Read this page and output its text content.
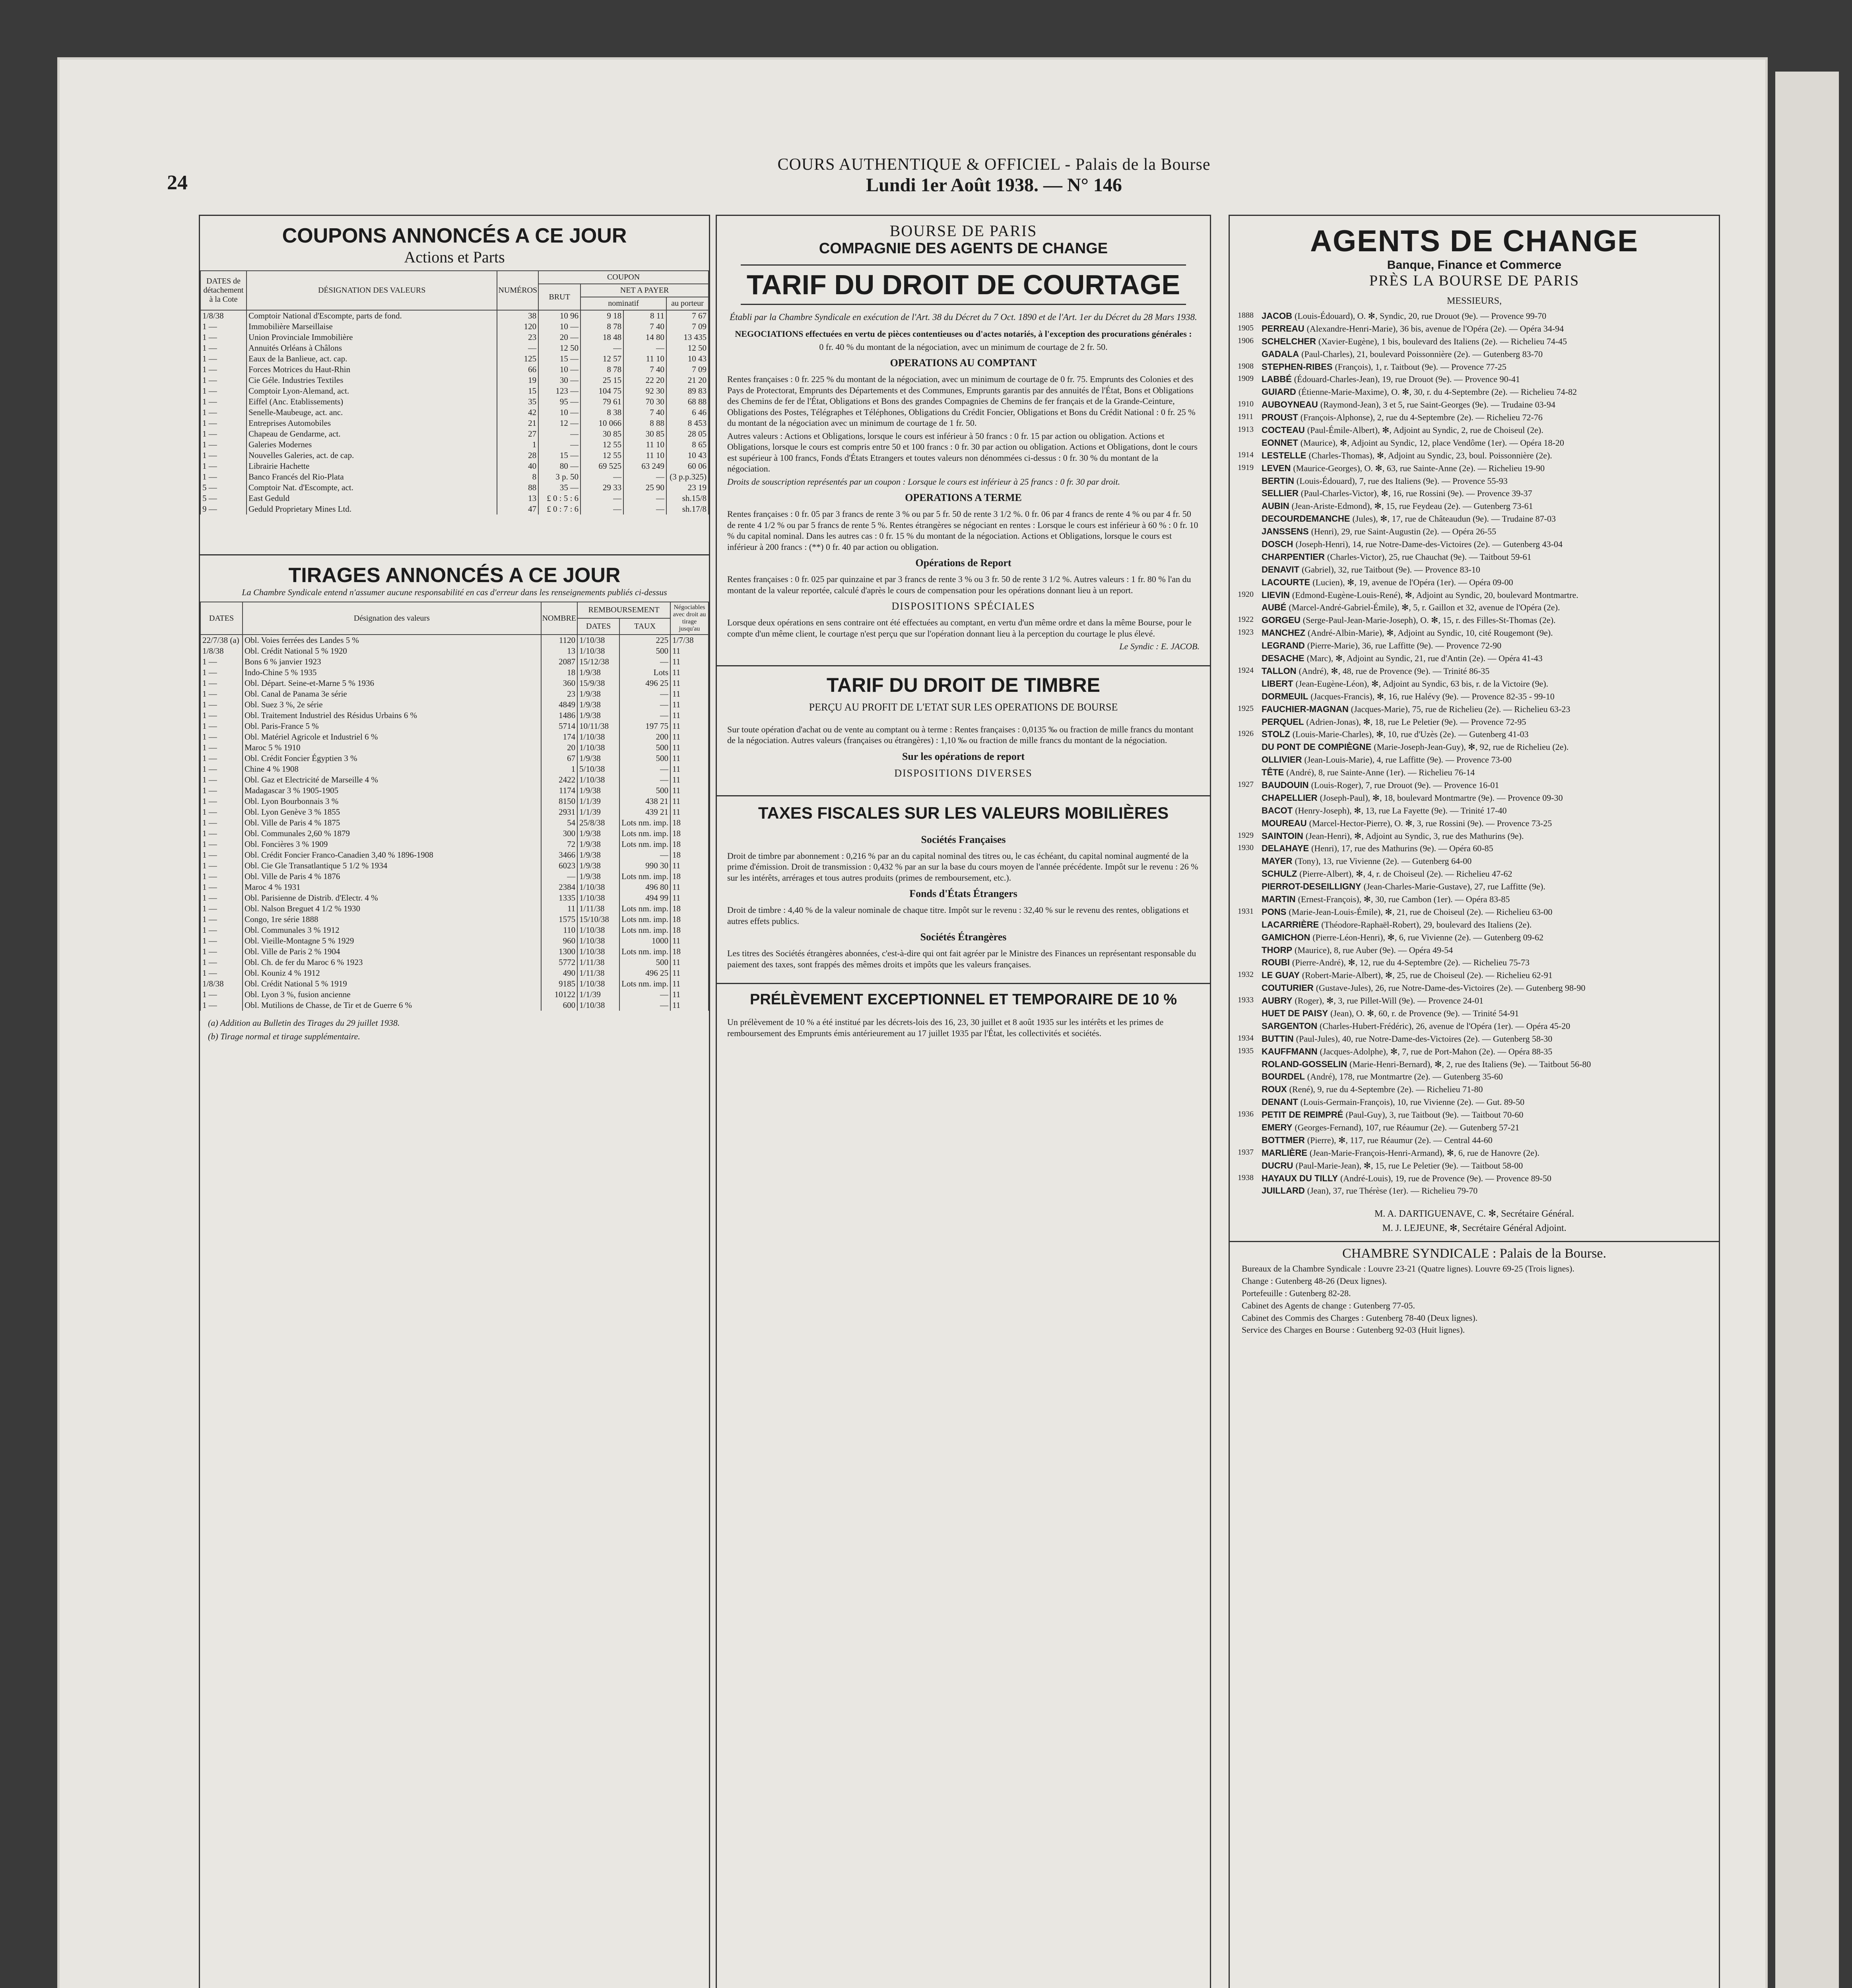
24
COURS AUTHENTIQUE & OFFICIEL - Palais de la Bourse
Lundi 1er Août 1938. — N° 146
COUPONS ANNONCÉS A CE JOUR
Actions et Parts
DATES de détachement à la Cote	DÉSIGNATION DES VALEURS	NUMÉROS	COUPON			
			BRUT	NET A PAYER		
				nominatif		au porteur
1/8/38	Comptoir National d'Escompte, parts de fond.	38	10 96	9 18	8 11	7 67
1 —	Immobilière Marseillaise	120	10 —	8 78	7 40	7 09
1 —	Union Provinciale Immobilière	23	20 —	18 48	14 80	13 435
1 —	Annuités Orléans à Châlons	—	12 50	—	—	12 50
1 —	Eaux de la Banlieue, act. cap.	125	15 —	12 57	11 10	10 43
1 —	Forces Motrices du Haut-Rhin	66	10 —	8 78	7 40	7 09
1 —	Cie Géle. Industries Textiles	19	30 —	25 15	22 20	21 20
1 —	Comptoir Lyon-Alemand, act.	15	123 —	104 75	92 30	89 83
1 —	Eiffel (Anc. Etablissements)	35	95 —	79 61	70 30	68 88
1 —	Senelle-Maubeuge, act. anc.	42	10 —	8 38	7 40	6 46
1 —	Entreprises Automobiles	21	12 —	10 066	8 88	8 453
1 —	Chapeau de Gendarme, act.	27	—	30 85	30 85	28 05
1 —	Galeries Modernes	1	—	12 55	11 10	8 65
1 —	Nouvelles Galeries, act. de cap.	28	15 —	12 55	11 10	10 43
1 —	Librairie Hachette	40	80 —	69 525	63 249	60 06
1 —	Banco Francés del Rio-Plata	8	3 p. 50	—	—	(3 p.p.325)
5 —	Comptoir Nat. d'Escompte, act.	88	35 —	29 33	25 90	23 19
5 —	East Geduld	13	£ 0 : 5 : 6	—	—	sh.15/8
9 —	Geduld Proprietary Mines Ltd.	47	£ 0 : 7 : 6	—	—	sh.17/8
TIRAGES ANNONCÉS A CE JOUR
La Chambre Syndicale entend n'assumer aucune responsabilité en cas d'erreur dans les renseignements publiés ci-dessus
DATES	Désignation des valeurs	NOMBRE	REMBOURSEMENT		Négociables avec droit au tirage jusqu'au
			DATES	TAUX	
22/7/38 (a)	Obl. Voies ferrées des Landes 5 %	1120	1/10/38	225	1/7/38
1/8/38	Obl. Crédit National 5 % 1920	13	1/10/38	500	11
1 —	Bons 6 % janvier 1923	2087	15/12/38	—	11
1 —	Indo-Chine 5 % 1935	18	1/9/38	Lots	11
1 —	Obl. Départ. Seine-et-Marne 5 % 1936	360	15/9/38	496 25	11
1 —	Obl. Canal de Panama 3e série	23	1/9/38	—	11
1 —	Obl. Suez 3 %, 2e série	4849	1/9/38	—	11
1 —	Obl. Traitement Industriel des Résidus Urbains 6 %	1486	1/9/38	—	11
1 —	Obl. Paris-France 5 %	5714	10/11/38	197 75	11
1 —	Obl. Matériel Agricole et Industriel 6 %	174	1/10/38	200	11
1 —	Maroc 5 % 1910	20	1/10/38	500	11
1 —	Obl. Crédit Foncier Égyptien 3 %	67	1/9/38	500	11
1 —	Chine 4 % 1908	1	5/10/38	—	11
1 —	Obl. Gaz et Electricité de Marseille 4 %	2422	1/10/38	—	11
1 —	Madagascar 3 % 1905-1905	1174	1/9/38	500	11
1 —	Obl. Lyon Bourbonnais 3 %	8150	1/1/39	438 21	11
1 —	Obl. Lyon Genève 3 % 1855	2931	1/1/39	439 21	11
1 —	Obl. Ville de Paris 4 % 1875	54	25/8/38	Lots nm. imp.	18
1 —	Obl. Communales 2,60 % 1879	300	1/9/38	Lots nm. imp.	18
1 —	Obl. Foncières 3 % 1909	72	1/9/38	Lots nm. imp.	18
1 —	Obl. Crédit Foncier Franco-Canadien 3,40 % 1896-1908	3466	1/9/38	—	18
1 —	Obl. Cie Gle Transatlantique 5 1/2 % 1934	6023	1/9/38	990 30	11
1 —	Obl. Ville de Paris 4 % 1876	—	1/9/38	Lots nm. imp.	18
1 —	Maroc 4 % 1931	2384	1/10/38	496 80	11
1 —	Obl. Parisienne de Distrib. d'Electr. 4 %	1335	1/10/38	494 99	11
1 —	Obl. Nalson Breguet 4 1/2 % 1930	11	1/11/38	Lots nm. imp.	18
1 —	Congo, 1re série 1888	1575	15/10/38	Lots nm. imp.	18
1 —	Obl. Communales 3 % 1912	110	1/10/38	Lots nm. imp.	18
1 —	Obl. Vieille-Montagne 5 % 1929	960	1/10/38	1000	11
1 —	Obl. Ville de Paris 2 % 1904	1300	1/10/38	Lots nm. imp.	18
1 —	Obl. Ch. de fer du Maroc 6 % 1923	5772	1/11/38	500	11
1 —	Obl. Kouniz 4 % 1912	490	1/11/38	496 25	11
1/8/38	Obl. Crédit National 5 % 1919	9185	1/10/38	Lots nm. imp.	11
1 —	Obl. Lyon 3 %, fusion ancienne	10122	1/1/39	—	11
1 —	Obl. Mutilions de Chasse, de Tir et de Guerre 6 %	600	1/10/38	—	11
(a) Addition au Bulletin des Tirages du 29 juillet 1938.
(b) Tirage normal et tirage supplémentaire.
BOURSE DE PARIS
COMPAGNIE DES AGENTS DE CHANGE
TARIF DU DROIT DE COURTAGE
Établi par la Chambre Syndicale en exécution de l'Art. 38 du Décret du 7 Oct. 1890 et de l'Art. 1er du Décret du 28 Mars 1938.

NEGOCIATIONS effectuées en vertu de pièces contentieuses ou d'actes notariés, à l'exception des procurations générales :

0 fr. 40 % du montant de la négociation, avec un minimum de courtage de 2 fr. 50.

OPERATIONS AU COMPTANT

Rentes françaises : 0 fr. 225 % du montant de la négociation, avec un minimum de courtage de 0 fr. 75. Emprunts des Colonies et des Pays de Protectorat, Emprunts des Départements et des Communes, Emprunts garantis par des annuités de l'État, Bons et Obligations des Chemins de fer de l'État, Obligations et Bons des grandes Compagnies de Chemins de fer français et de la Grande-Ceinture, Obligations des Postes, Télégraphes et Téléphones, Obligations du Crédit Foncier, Obligations et Bons du Crédit National : 0 fr. 25 % du montant de la négociation avec un minimum de courtage de 1 fr. 50.

Autres valeurs : Actions et Obligations, lorsque le cours est inférieur à 50 francs : 0 fr. 15 par action ou obligation. Actions et Obligations, lorsque le cours est compris entre 50 et 100 francs : 0 fr. 30 par action ou obligation. Actions et Obligations, dont le cours est supérieur à 100 francs, Fonds d'États Etrangers et toutes valeurs non dénommées ci-dessus : 0 fr. 30 % du montant de la négociation.

Droits de souscription représentés par un coupon : Lorsque le cours est inférieur à 25 francs : 0 fr. 30 par droit.

OPERATIONS A TERME

Rentes françaises : 0 fr. 05 par 3 francs de rente 3 % ou par 5 fr. 50 de rente 3 1/2 %. 0 fr. 06 par 4 francs de rente 4 % ou par 4 fr. 50 de rente 4 1/2 % ou par 5 francs de rente 5 %. Rentes étrangères se négociant en rentes : Lorsque le cours est inférieur à 60 % : 0 fr. 10 % du capital nominal. Dans les autres cas : 0 fr. 15 % du montant de la négociation. Actions et Obligations, lorsque le cours est inférieur à 200 francs : (**) 0 fr. 40 par action ou obligation.

Opérations de Report

Rentes françaises : 0 fr. 025 par quinzaine et par 3 francs de rente 3 % ou 3 fr. 50 de rente 3 1/2 %. Autres valeurs : 1 fr. 80 % l'an du montant de la valeur reportée, calculé d'après le cours de compensation pour les opérations donnant lieu à un report.

DISPOSITIONS SPÉCIALES

Lorsque deux opérations en sens contraire ont été effectuées au comptant, en vertu d'un même ordre et dans la même Bourse, pour le compte d'un même client, le courtage n'est perçu que sur l'opération donnant lieu à la perception du courtage le plus élevé.

Le Syndic : E. JACOB.

TARIF DU DROIT DE TIMBRE
PERÇU AU PROFIT DE L'ETAT SUR LES OPERATIONS DE BOURSE

Sur toute opération d'achat ou de vente au comptant ou à terme : Rentes françaises : 0,0135 ‰ ou fraction de mille francs du montant de la négociation. Autres valeurs (françaises ou étrangères) : 1,10 ‰ ou fraction de mille francs du montant de la négociation.

Sur les opérations de report
DISPOSITIONS DIVERSES
TAXES FISCALES SUR LES VALEURS MOBILIÈRES
Sociétés Françaises

Droit de timbre par abonnement : 0,216 % par an du capital nominal des titres ou, le cas échéant, du capital nominal augmenté de la prime d'émission. Droit de transmission : 0,432 % par an sur la base du cours moyen de l'année précédente. Impôt sur le revenu : 26 % sur les intérêts, arrérages et tous autres produits (primes de remboursement, etc.).

Fonds d'États Étrangers

Droit de timbre : 4,40 % de la valeur nominale de chaque titre. Impôt sur le revenu : 32,40 % sur le revenu des rentes, obligations et autres effets publics.

Sociétés Étrangères

Les titres des Sociétés étrangères abonnées, c'est-à-dire qui ont fait agréer par le Ministre des Finances un représentant responsable du paiement des taxes, sont frappés des mêmes droits et impôts que les valeurs françaises.

PRÉLÈVEMENT EXCEPTIONNEL ET TEMPORAIRE DE 10 %

Un prélèvement de 10 % a été institué par les décrets-lois des 16, 23, 30 juillet et 8 août 1935 sur les intérêts et les primes de remboursement des Emprunts émis antérieurement au 17 juillet 1935 par l'État, les collectivités et sociétés.

AGENTS DE CHANGE
Banque, Finance et Commerce
PRÈS LA BOURSE DE PARIS
MESSIEURS,
1888 JACOB (Louis-Édouard), O. ✻, Syndic, 20, rue Drouot (9e). — Provence 99-70
1905 PERREAU (Alexandre-Henri-Marie), 36 bis, avenue de l'Opéra (2e). — Opéra 34-94
1906 SCHELCHER (Xavier-Eugène), 1 bis, boulevard des Italiens (2e). — Richelieu 74-45
GADALA (Paul-Charles), 21, boulevard Poissonnière (2e). — Gutenberg 83-70
1908 STEPHEN-RIBES (François), 1, r. Taitbout (9e). — Provence 77-25
1909 LABBÉ (Édouard-Charles-Jean), 19, rue Drouot (9e). — Provence 90-41
GUIARD (Étienne-Marie-Maxime), O. ✻, 30, r. du 4-Septembre (2e). — Richelieu 74-82
1910 AUBOYNEAU (Raymond-Jean), 3 et 5, rue Saint-Georges (9e). — Trudaine 03-94
1911 PROUST (François-Alphonse), 2, rue du 4-Septembre (2e). — Richelieu 72-76
1913 COCTEAU (Paul-Émile-Albert), ✻, Adjoint au Syndic, 2, rue de Choiseul (2e).
EONNET (Maurice), ✻, Adjoint au Syndic, 12, place Vendôme (1er). — Opéra 18-20
1914 LESTELLE (Charles-Thomas), ✻, Adjoint au Syndic, 23, boul. Poissonnière (2e).
1919 LEVEN (Maurice-Georges), O. ✻, 63, rue Sainte-Anne (2e). — Richelieu 19-90
BERTIN (Louis-Édouard), 7, rue des Italiens (9e). — Provence 55-93
SELLIER (Paul-Charles-Victor), ✻, 16, rue Rossini (9e). — Provence 39-37
AUBIN (Jean-Ariste-Edmond), ✻, 15, rue Feydeau (2e). — Gutenberg 73-61
DECOURDEMANCHE (Jules), ✻, 17, rue de Châteaudun (9e). — Trudaine 87-03
JANSSENS (Henri), 29, rue Saint-Augustin (2e). — Opéra 26-55
DOSCH (Joseph-Henri), 14, rue Notre-Dame-des-Victoires (2e). — Gutenberg 43-04
CHARPENTIER (Charles-Victor), 25, rue Chauchat (9e). — Taitbout 59-61
DENAVIT (Gabriel), 32, rue Taitbout (9e). — Provence 83-10
LACOURTE (Lucien), ✻, 19, avenue de l'Opéra (1er). — Opéra 09-00
1920 LIEVIN (Edmond-Eugène-Louis-René), ✻, Adjoint au Syndic, 20, boulevard Montmartre.
AUBÉ (Marcel-André-Gabriel-Émile), ✻, 5, r. Gaillon et 32, avenue de l'Opéra (2e).
1922 GORGEU (Serge-Paul-Jean-Marie-Joseph), O. ✻, 15, r. des Filles-St-Thomas (2e).
1923 MANCHEZ (André-Albin-Marie), ✻, Adjoint au Syndic, 10, cité Rougemont (9e).
LEGRAND (Pierre-Marie), 36, rue Laffitte (9e). — Provence 72-90
DESACHE (Marc), ✻, Adjoint au Syndic, 21, rue d'Antin (2e). — Opéra 41-43
1924 TALLON (André), ✻, 48, rue de Provence (9e). — Trinité 86-35
LIBERT (Jean-Eugène-Léon), ✻, Adjoint au Syndic, 63 bis, r. de la Victoire (9e).
DORMEUIL (Jacques-Francis), ✻, 16, rue Halévy (9e). — Provence 82-35 - 99-10
1925 FAUCHIER-MAGNAN (Jacques-Marie), 75, rue de Richelieu (2e). — Richelieu 63-23
PERQUEL (Adrien-Jonas), ✻, 18, rue Le Peletier (9e). — Provence 72-95
1926 STOLZ (Louis-Marie-Charles), ✻, 10, rue d'Uzès (2e). — Gutenberg 41-03
DU PONT DE COMPIÈGNE (Marie-Joseph-Jean-Guy), ✻, 92, rue de Richelieu (2e).
OLLIVIER (Jean-Louis-Marie), 4, rue Laffitte (9e). — Provence 73-00
TÊTE (André), 8, rue Sainte-Anne (1er). — Richelieu 76-14
1927 BAUDOUIN (Louis-Roger), 7, rue Drouot (9e). — Provence 16-01
CHAPELLIER (Joseph-Paul), ✻, 18, boulevard Montmartre (9e). — Provence 09-30
BACOT (Henry-Joseph), ✻, 13, rue La Fayette (9e). — Trinité 17-40
MOUREAU (Marcel-Hector-Pierre), O. ✻, 3, rue Rossini (9e). — Provence 73-25
1929 SAINTOIN (Jean-Henri), ✻, Adjoint au Syndic, 3, rue des Mathurins (9e).
1930 DELAHAYE (Henri), 17, rue des Mathurins (9e). — Opéra 60-85
MAYER (Tony), 13, rue Vivienne (2e). — Gutenberg 64-00
SCHULZ (Pierre-Albert), ✻, 4, r. de Choiseul (2e). — Richelieu 47-62
PIERROT-DESEILLIGNY (Jean-Charles-Marie-Gustave), 27, rue Laffitte (9e).
MARTIN (Ernest-François), ✻, 30, rue Cambon (1er). — Opéra 83-85
1931 PONS (Marie-Jean-Louis-Émile), ✻, 21, rue de Choiseul (2e). — Richelieu 63-00
LACARRIÈRE (Théodore-Raphaël-Robert), 29, boulevard des Italiens (2e).
GAMICHON (Pierre-Léon-Henri), ✻, 6, rue Vivienne (2e). — Gutenberg 09-62
THORP (Maurice), 8, rue Auber (9e). — Opéra 49-54
ROUBI (Pierre-André), ✻, 12, rue du 4-Septembre (2e). — Richelieu 75-73
1932 LE GUAY (Robert-Marie-Albert), ✻, 25, rue de Choiseul (2e). — Richelieu 62-91
COUTURIER (Gustave-Jules), 26, rue Notre-Dame-des-Victoires (2e). — Gutenberg 98-90
1933 AUBRY (Roger), ✻, 3, rue Pillet-Will (9e). — Provence 24-01
HUET DE PAISY (Jean), O. ✻, 60, r. de Provence (9e). — Trinité 54-91
SARGENTON (Charles-Hubert-Frédéric), 26, avenue de l'Opéra (1er). — Opéra 45-20
1934 BUTTIN (Paul-Jules), 40, rue Notre-Dame-des-Victoires (2e). — Gutenberg 58-30
1935 KAUFFMANN (Jacques-Adolphe), ✻, 7, rue de Port-Mahon (2e). — Opéra 88-35
ROLAND-GOSSELIN (Marie-Henri-Bernard), ✻, 2, rue des Italiens (9e). — Taitbout 56-80
BOURDEL (André), 178, rue Montmartre (2e). — Gutenberg 35-60
ROUX (René), 9, rue du 4-Septembre (2e). — Richelieu 71-80
DENANT (Louis-Germain-François), 10, rue Vivienne (2e). — Gut. 89-50
1936 PETIT DE REIMPRÉ (Paul-Guy), 3, rue Taitbout (9e). — Taitbout 70-60
EMERY (Georges-Fernand), 107, rue Réaumur (2e). — Gutenberg 57-21
BOTTMER (Pierre), ✻, 117, rue Réaumur (2e). — Central 44-60
1937 MARLIÈRE (Jean-Marie-François-Henri-Armand), ✻, 6, rue de Hanovre (2e).
DUCRU (Paul-Marie-Jean), ✻, 15, rue Le Peletier (9e). — Taitbout 58-00
1938 HAYAUX DU TILLY (André-Louis), 19, rue de Provence (9e). — Provence 89-50
JUILLARD (Jean), 37, rue Thérèse (1er). — Richelieu 79-70
M. A. DARTIGUENAVE, C. ✻, Secrétaire Général.
M. J. LEJEUNE, ✻, Secrétaire Général Adjoint.
CHAMBRE SYNDICALE : Palais de la Bourse.
Bureaux de la Chambre Syndicale : Louvre 23-21 (Quatre lignes). Louvre 69-25 (Trois lignes).
Change : Gutenberg 48-26 (Deux lignes).
Portefeuille : Gutenberg 82-28.
Cabinet des Agents de change : Gutenberg 77-05.
Cabinet des Commis des Charges : Gutenberg 78-40 (Deux lignes).
Service des Charges en Bourse : Gutenberg 92-03 (Huit lignes).
